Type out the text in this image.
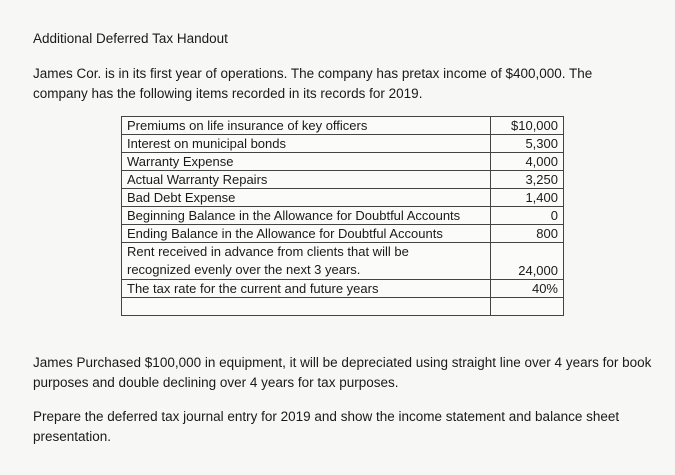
Additional Deferred Tax Handout
James Cor. is in its first year of operations. The company has pretax income of $400,000. The company has the following items recorded in its records for 2019.
Premiums on life insurance of key officers	$10,000
Interest on municipal bonds	5,300
Warranty Expense	4,000
Actual Warranty Repairs	3,250
Bad Debt Expense	1,400
Beginning Balance in the Allowance for Doubtful Accounts	0
Ending Balance in the Allowance for Doubtful Accounts	800

Rent received in advance from clients that will be
recognized evenly over the next 3 years.	24,000
The tax rate for the current and future years	40%

James Purchased $100,000 in equipment, it will be depreciated using straight line over 4 years for book purposes and double declining over 4 years for tax purposes.
Prepare the deferred tax journal entry for 2019 and show the income statement and balance sheet presentation.
